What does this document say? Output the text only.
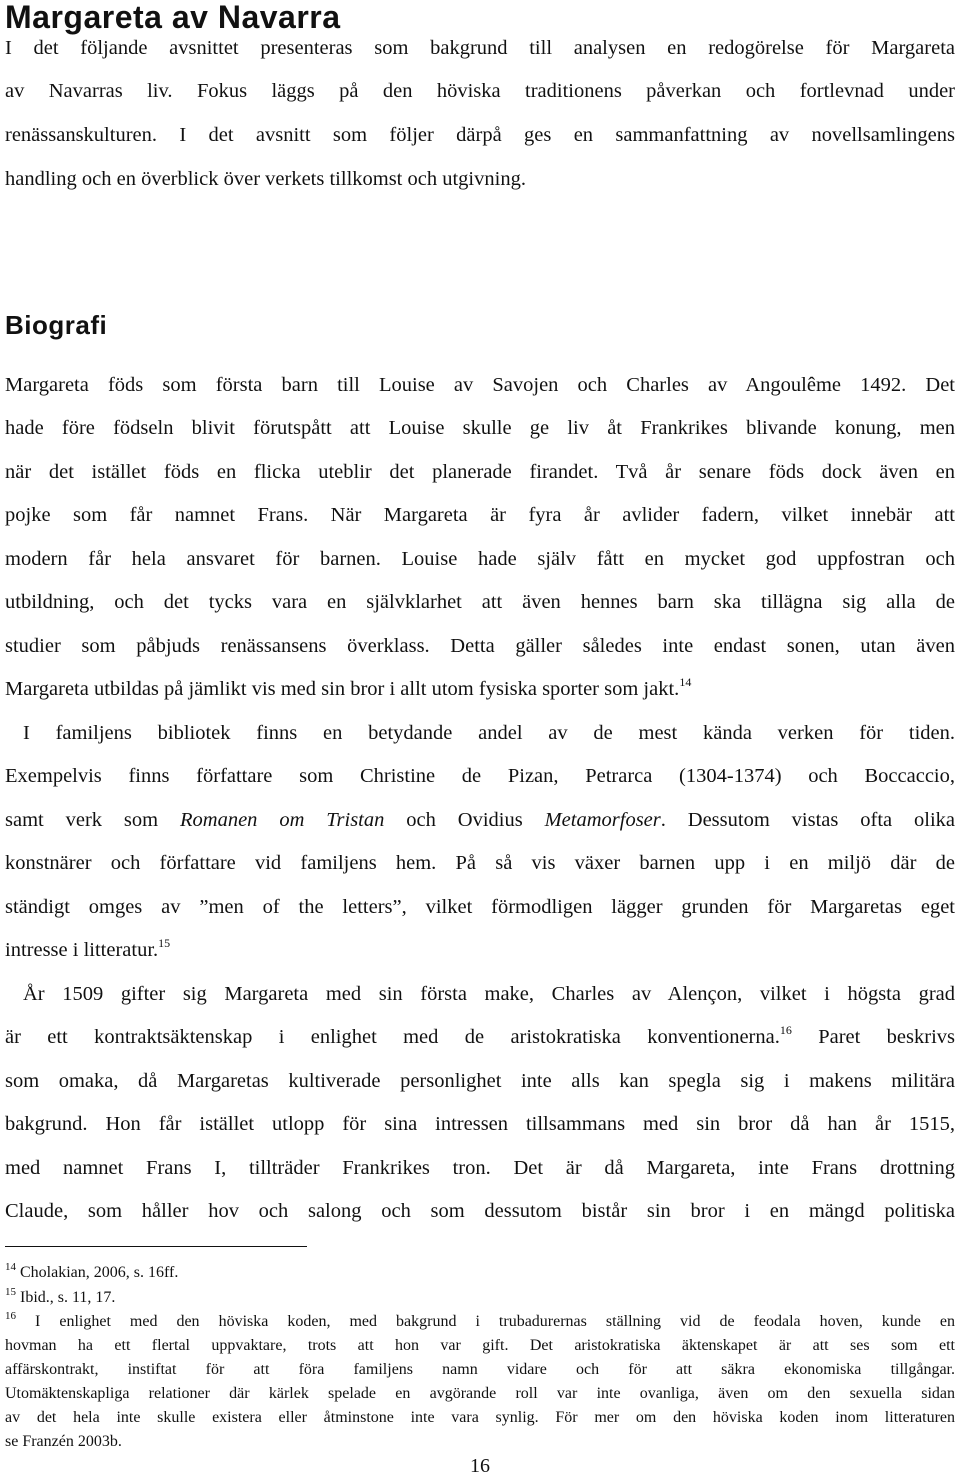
Margareta av Navarra
I det följande avsnittet presenteras som bakgrund till analysen en redogörelse för Margareta
av Navarras liv. Fokus läggs på den höviska traditionens påverkan och fortlevnad under
renässanskulturen. I det avsnitt som följer därpå ges en sammanfattning av novellsamlingens
handling och en överblick över verkets tillkomst och utgivning.
Biografi
Margareta föds som första barn till Louise av Savojen och Charles av Angoulême 1492. Det
hade före födseln blivit förutspått att Louise skulle ge liv åt Frankrikes blivande konung, men
när det istället föds en flicka uteblir det planerade firandet. Två år senare föds dock även en
pojke som får namnet Frans. När Margareta är fyra år avlider fadern, vilket innebär att
modern får hela ansvaret för barnen. Louise hade själv fått en mycket god uppfostran och
utbildning, och det tycks vara en självklarhet att även hennes barn ska tillägna sig alla de
studier som påbjuds renässansens överklass. Detta gäller således inte endast sonen, utan även
Margareta utbildas på jämlikt vis med sin bror i allt utom fysiska sporter som jakt.$^{14}$
I familjens bibliotek finns en betydande andel av de mest kända verken för tiden.
Exempelvis finns författare som Christine de Pizan, Petrarca (1304-1374) och Boccaccio,
samt verk som Romanen om Tristan och Ovidius Metamorfoser. Dessutom vistas ofta olika
konstnärer och författare vid familjens hem. På så vis växer barnen upp i en miljö där de
ständigt omges av ”men of the letters”, vilket förmodligen lägger grunden för Margaretas eget
intresse i litteratur.$^{15}$
År 1509 gifter sig Margareta med sin första make, Charles av Alençon, vilket i högsta grad
är ett kontraktsäktenskap i enlighet med de aristokratiska konventionerna.$^{16}$ Paret beskrivs
som omaka, då Margaretas kultiverade personlighet inte alls kan spegla sig i makens militära
bakgrund. Hon får istället utlopp för sina intressen tillsammans med sin bror då han år 1515,
med namnet Frans I, tillträder Frankrikes tron. Det är då Margareta, inte Frans drottning
Claude, som håller hov och salong och som dessutom bistår sin bror i en mängd politiska
$^{14}$ Cholakian, 2006, s. 16ff.
$^{15}$ Ibid., s. 11, 17.
$^{16}$ I enlighet med den höviska koden, med bakgrund i trubadurernas ställning vid de feodala hoven, kunde en
hovman ha ett flertal uppvaktare, trots att hon var gift. Det aristokratiska äktenskapet är att ses som ett
affärskontrakt, instiftat för att föra familjens namn vidare och för att säkra ekonomiska tillgångar.
Utomäktenskapliga relationer där kärlek spelade en avgörande roll var inte ovanliga, även om den sexuella sidan
av det hela inte skulle existera eller åtminstone inte vara synlig. För mer om den höviska koden inom litteraturen
se Franzén 2003b.
16
